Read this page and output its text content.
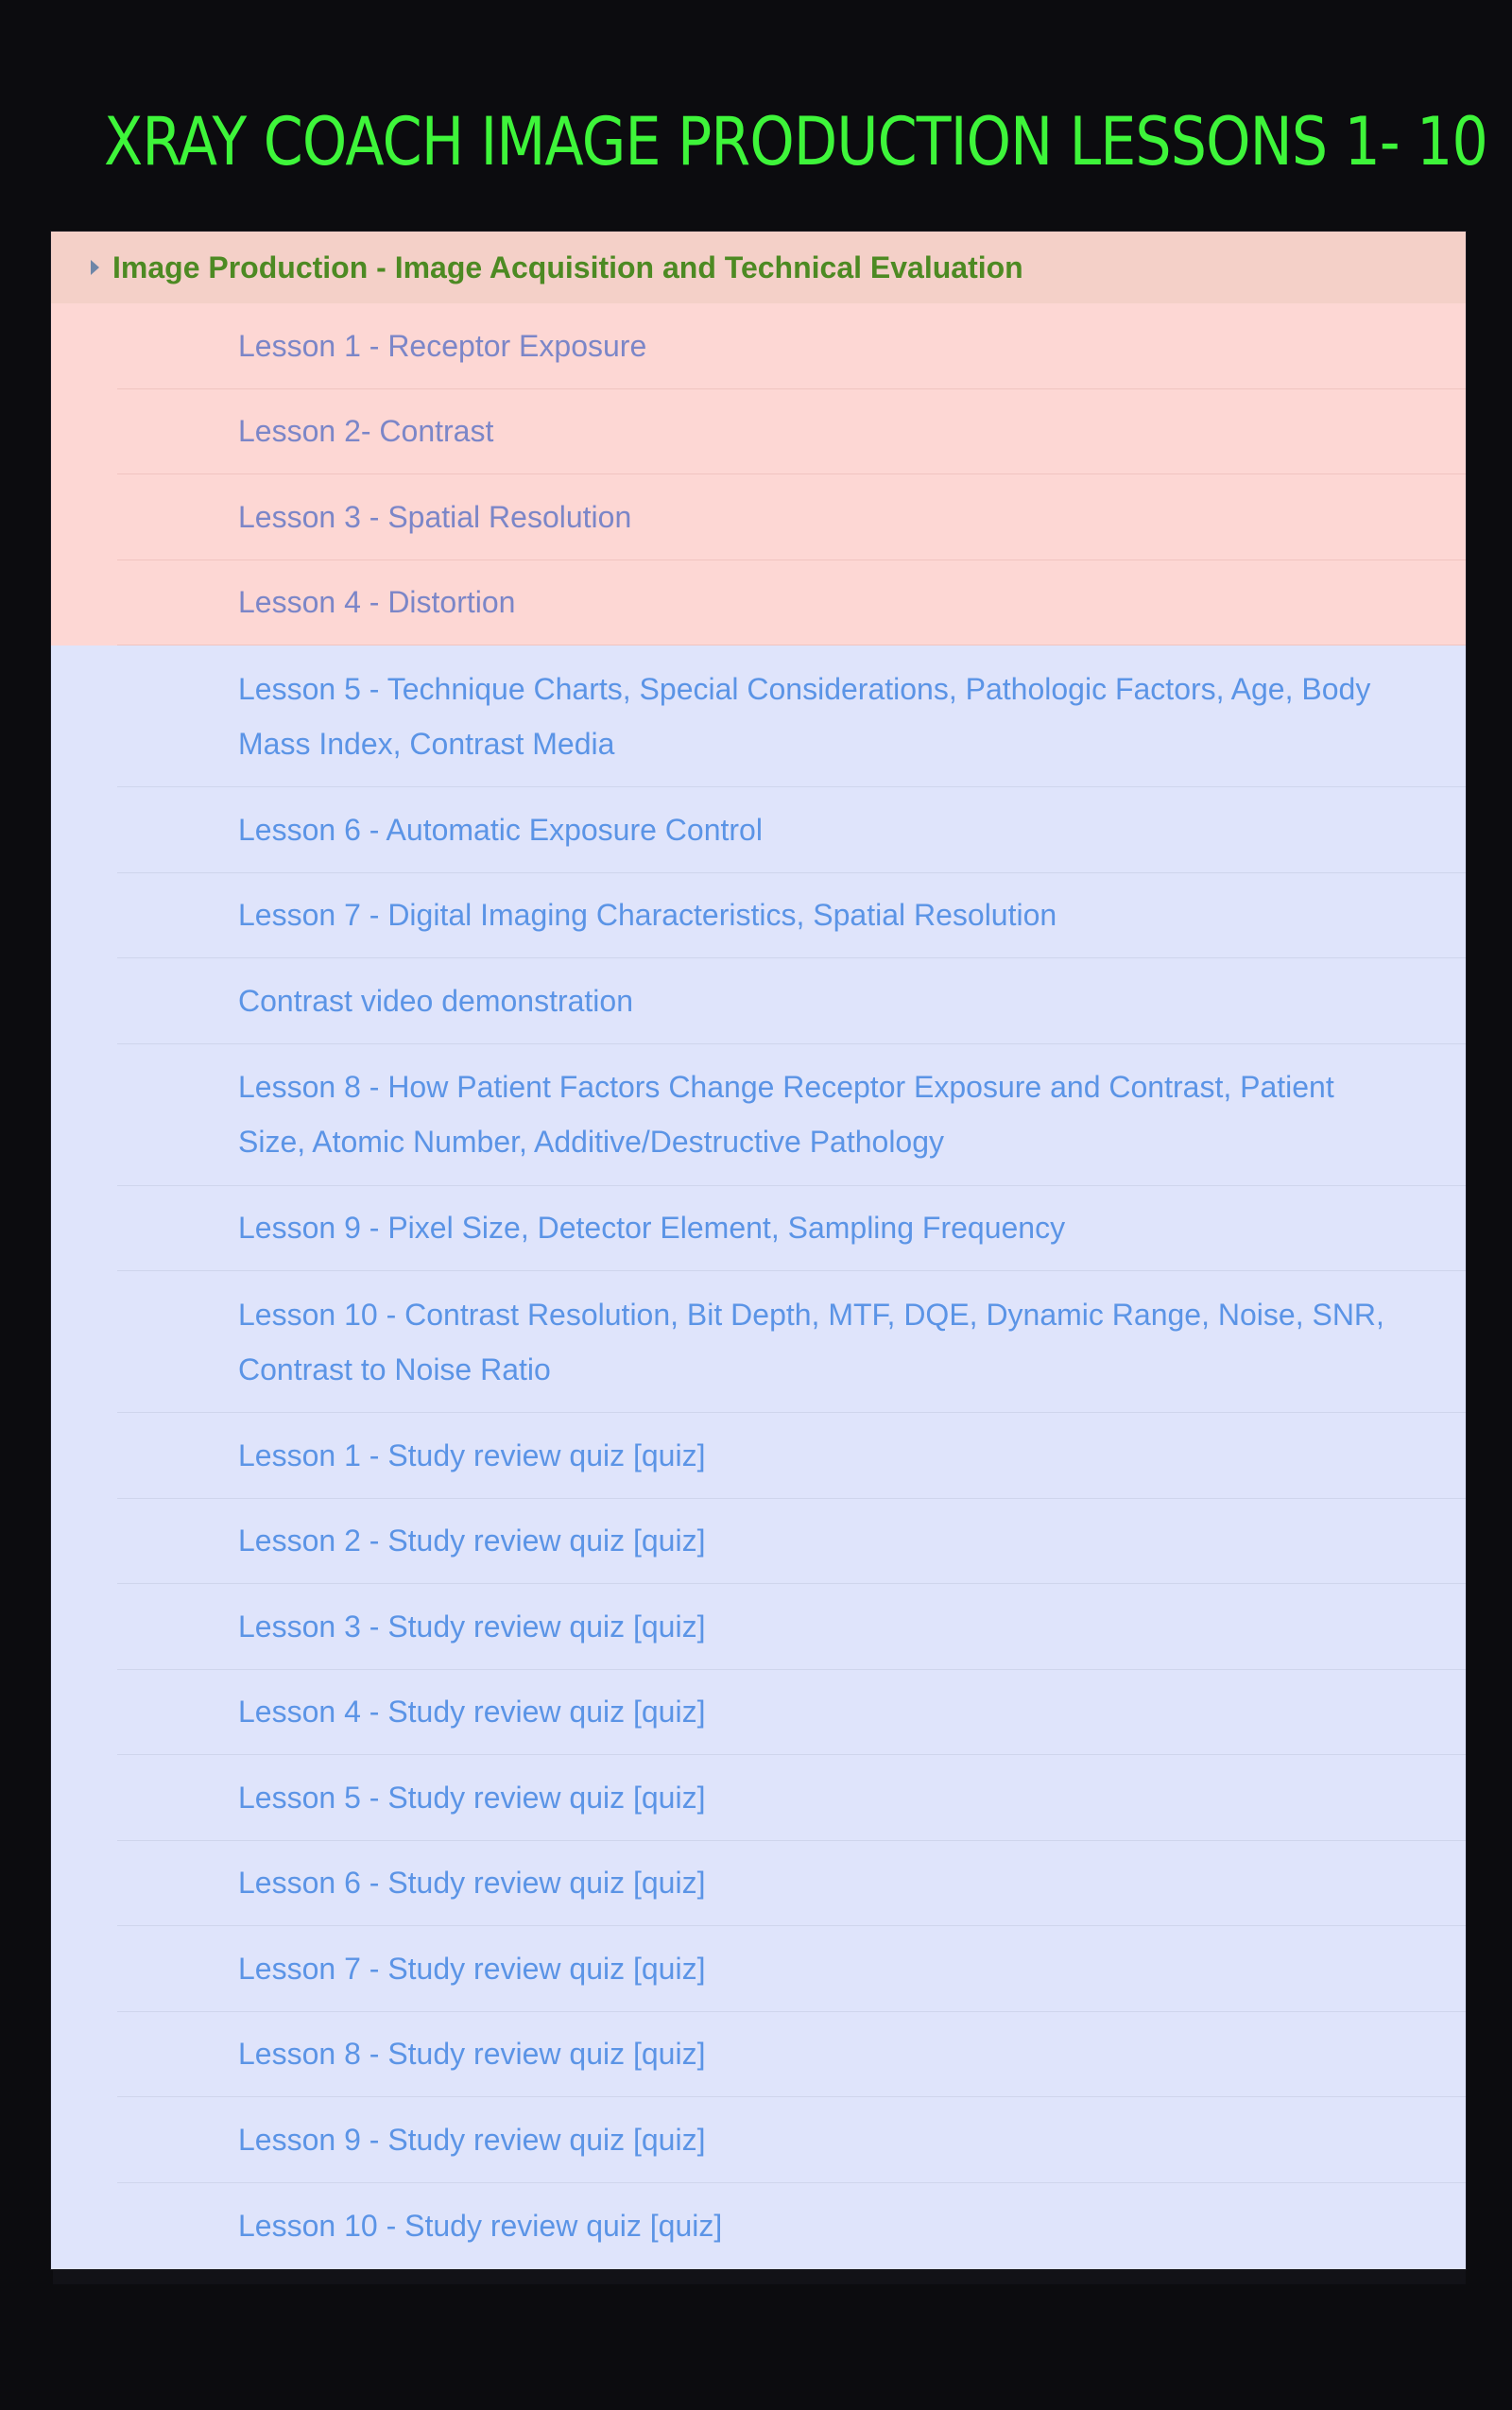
XRAY COACH IMAGE PRODUCTION LESSONS 1- 10
Image Production - Image Acquisition and Technical Evaluation
Lesson 1 - Receptor Exposure
Lesson 2- Contrast
Lesson 3 - Spatial Resolution
Lesson 4 - Distortion
Lesson 5 - Technique Charts, Special Considerations, Pathologic Factors, Age, Body Mass Index, Contrast Media
Lesson 6 - Automatic Exposure Control
Lesson 7 - Digital Imaging Characteristics, Spatial Resolution
Contrast video demonstration
Lesson 8 - How Patient Factors Change Receptor Exposure and Contrast, Patient Size, Atomic Number, Additive/Destructive Pathology
Lesson 9 - Pixel Size, Detector Element, Sampling Frequency
Lesson 10 - Contrast Resolution, Bit Depth, MTF, DQE, Dynamic Range, Noise, SNR, Contrast to Noise Ratio
Lesson 1 - Study review quiz [quiz]
Lesson 2 - Study review quiz [quiz]
Lesson 3 - Study review quiz [quiz]
Lesson 4 - Study review quiz [quiz]
Lesson 5 - Study review quiz [quiz]
Lesson 6 - Study review quiz [quiz]
Lesson 7 - Study review quiz [quiz]
Lesson 8 - Study review quiz [quiz]
Lesson 9 - Study review quiz [quiz]
Lesson 10 - Study review quiz [quiz]
